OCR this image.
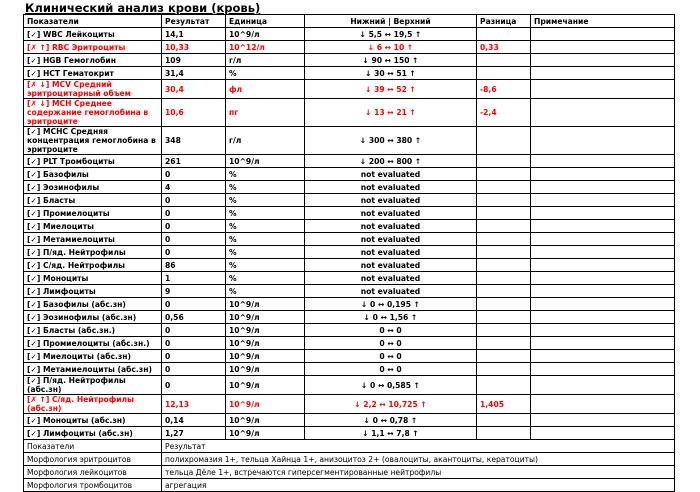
Клинический анализ крови (кровь)
Показатели	Результат	Единица	Нижний | Верхний	Разница	Примечание
[✓] WBC Лейкоциты	14,1	10^9/л	↓ 5,5 ↔ 19,5 ↑		
[✗ ↑] RBC Эритроциты	10,33	10^12/л	↓ 6 ↔ 10 ↑	0,33	
[✓] HGB Гемоглобин	109	г/л	↓ 90 ↔ 150 ↑		
[✓] HCT Гематокрит	31,4	%	↓ 30 ↔ 51 ↑		
[✗ ↓] MCV Средний эритроцитарный объем	30,4	фл	↓ 39 ↔ 52 ↑	-8,6	
[✗ ↓] MCH Среднее содержание гемоглобина в эритроците	10,6	пг	↓ 13 ↔ 21 ↑	-2,4	
[✓] MCHC Средняя концентрация гемоглобина в эритроците	348	г/л	↓ 300 ↔ 380 ↑		
[✓] PLT Тромбоциты	261	10^9/л	↓ 200 ↔ 800 ↑		
[✓] Базофилы	0	%	not evaluated		
[✓] Эозинофилы	4	%	not evaluated		
[✓] Бласты	0	%	not evaluated		
[✓] Промиелоциты	0	%	not evaluated		
[✓] Миелоциты	0	%	not evaluated		
[✓] Метамиелоциты	0	%	not evaluated		
[✓] П/яд. Нейтрофилы	0	%	not evaluated		
[✓] С/яд. Нейтрофилы	86	%	not evaluated		
[✓] Моноциты	1	%	not evaluated		
[✓] Лимфоциты	9	%	not evaluated		
[✓] Базофилы (абс.зн)	0	10^9/л	↓ 0 ↔ 0,195 ↑		
[✓] Эозинофилы (абс.зн)	0,56	10^9/л	↓ 0 ↔ 1,56 ↑		
[✓] Бласты (абс.зн.)	0	10^9/л	0 ↔ 0		
[✓] Промиелоциты (абс.зн.)	0	10^9/л	0 ↔ 0		
[✓] Миелоциты (абс.зн)	0	10^9/л	0 ↔ 0		
[✓] Метамиелоциты (абс.зн)	0	10^9/л	0 ↔ 0		
[✓] П/яд. Нейтрофилы (абс.зн)	0	10^9/л	↓ 0 ↔ 0,585 ↑		
[✗ ↑] С/яд. Нейтрофилы (абс.зн)	12,13	10^9/л	↓ 2,2 ↔ 10,725 ↑	1,405	
[✓] Моноциты (абс.зн)	0,14	10^9/л	↓ 0 ↔ 0,78 ↑		
[✓] Лимфоциты (абс.зн)	1,27	10^9/л	↓ 1,1 ↔ 7,8 ↑		
Показатели	Результат				
Морфология эритроцитов	полихромазия 1+, тельца Хайнца 1+, анизоцитоз 2+ (овалоциты, акантоциты, кератоциты)				
Морфология лейкоцитов	тельца Дёле 1+, встречаются гиперсегментированные нейтрофилы				
Морфология тромбоцитов	агрегация				
